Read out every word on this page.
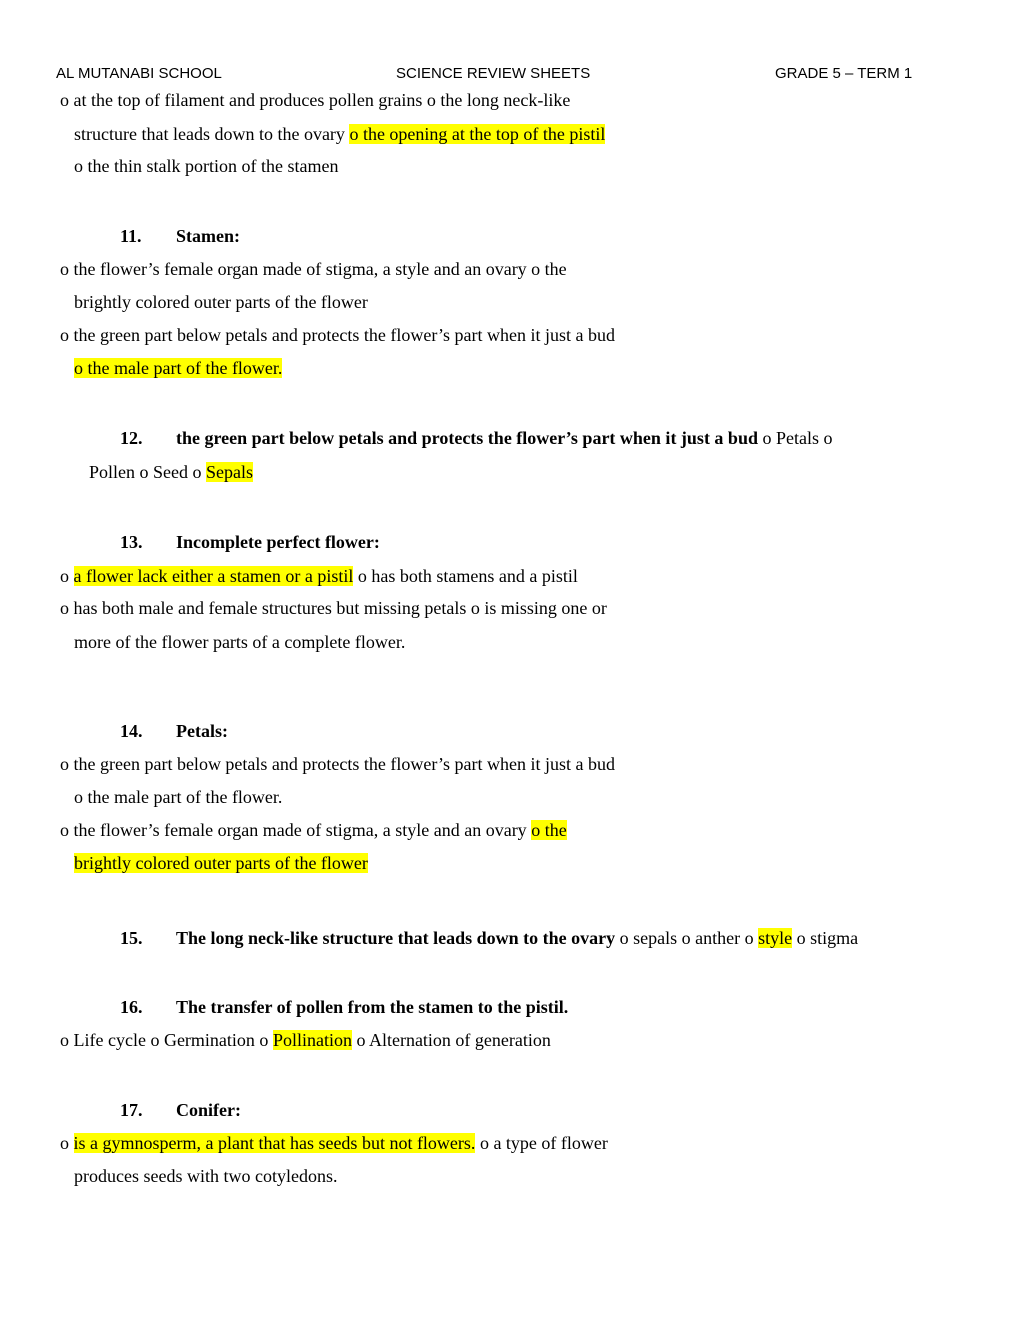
AL MUTANABI SCHOOL	SCIENCE REVIEW SHEETS	GRADE 5 – TERM 1
o at the top of filament and produces pollen grains o the long neck-like
structure that leads down to the ovary o the opening at the top of the pistil
o the thin stalk portion of the stamen
11. Stamen:
o the flower’s female organ made of stigma, a style and an ovary o the
brightly colored outer parts of the flower
o the green part below petals and protects the flower’s part when it just a bud
o the male part of the flower.
12. the green part below petals and protects the flower’s part when it just a bud o Petals o
Pollen o Seed o Sepals
13. Incomplete perfect flower:
o a flower lack either a stamen or a pistil o has both stamens and a pistil
o has both male and female structures but missing petals o is missing one or
more of the flower parts of a complete flower.
14. Petals:
o the green part below petals and protects the flower’s part when it just a bud
o the male part of the flower.
o the flower’s female organ made of stigma, a style and an ovary o the
brightly colored outer parts of the flower
15. The long neck-like structure that leads down to the ovary o sepals o anther o style o stigma
16. The transfer of pollen from the stamen to the pistil.
o Life cycle o Germination o Pollination o Alternation of generation
17. Conifer:
o is a gymnosperm, a plant that has seeds but not flowers. o a type of flower
produces seeds with two cotyledons.
